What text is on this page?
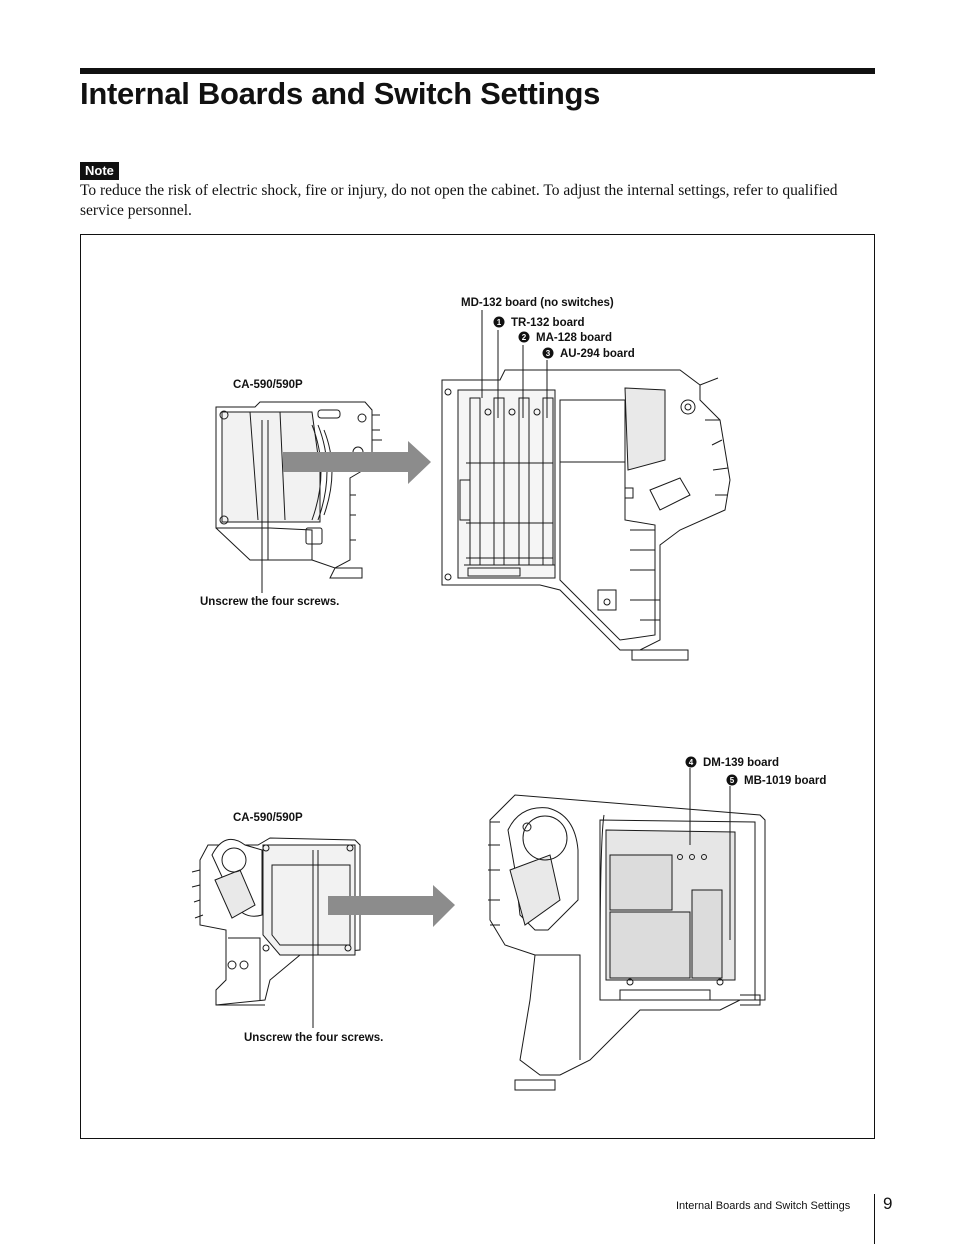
Internal Boards and Switch Settings
Note

To reduce the risk of electric shock, fire or injury, do not open the cabinet. To adjust the internal settings, refer to qualified service personnel.

MD-132 board (no switches)
1 TR-132 board
2 MA-128 board
3 AU-294 board
CA-590/590P
Unscrew the four screws.
4 DM-139 board
5 MB-1019 board
CA-590/590P
Unscrew the four screws.
Internal Boards and Switch Settings 9
